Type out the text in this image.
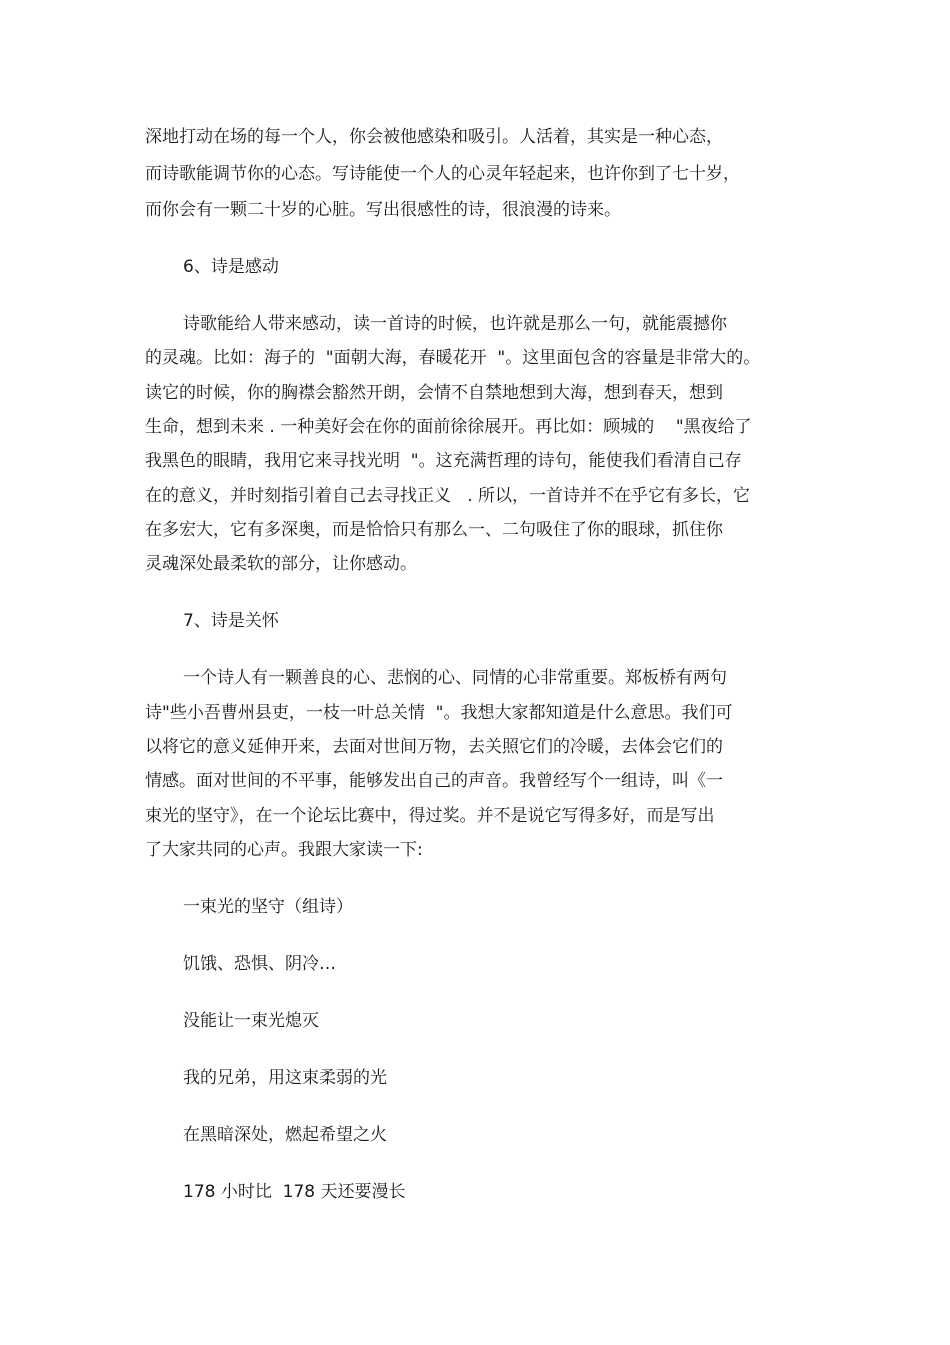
深地打动在场的每一个人，你会被他感染和吸引。人活着，其实是一种心态，

而诗歌能调节你的心态。写诗能使一个人的心灵年轻起来，也许你到了七十岁，

而你会有一颗二十岁的心脏。写出很感性的诗，很浪漫的诗来。

6、诗是感动

诗歌能给人带来感动，读一首诗的时候，也许就是那么一句，就能震撼你

的灵魂。比如：海子的  "面朝大海，春暖花开  "。这里面包含的容量是非常大的。

读它的时候，你的胸襟会豁然开朗，会情不自禁地想到大海，想到春天，想到

生命，想到未来 . 一种美好会在你的面前徐徐展开。再比如：顾城的    "黑夜给了

我黑色的眼睛，我用它来寻找光明  "。这充满哲理的诗句，能使我们看清自己存

在的意义，并时刻指引着自己去寻找正义   . 所以，一首诗并不在乎它有多长，它

在多宏大，它有多深奥，而是恰恰只有那么一、二句吸住了你的眼球，抓住你

灵魂深处最柔软的部分，让你感动。

7、诗是关怀

一个诗人有一颗善良的心、悲悯的心、同情的心非常重要。郑板桥有两句

诗"些小吾曹州县吏，一枝一叶总关情  "。我想大家都知道是什么意思。我们可

以将它的意义延伸开来，去面对世间万物，去关照它们的冷暖，去体会它们的

情感。面对世间的不平事，能够发出自己的声音。我曾经写个一组诗，叫《一

束光的坚守》，在一个论坛比赛中，得过奖。并不是说它写得多好，而是写出

了大家共同的心声。我跟大家读一下:

一束光的坚守（组诗）

饥饿、恐惧、阴冷…

没能让一束光熄灭

我的兄弟，用这束柔弱的光

在黑暗深处，燃起希望之火

178 小时比  178 天还要漫长
